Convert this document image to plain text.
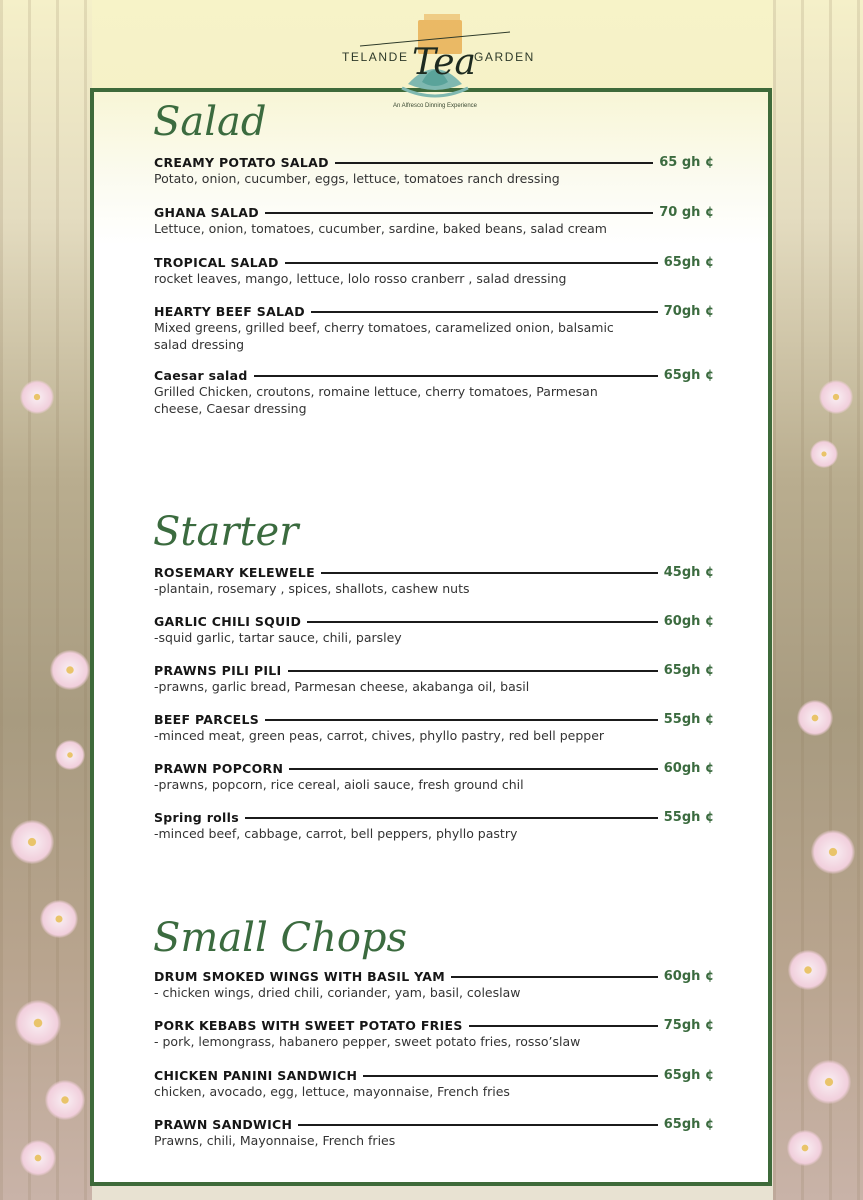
TELANDE Tea
GARDEN
An Alfresco Dinning Experience
Salad
CREAMY POTATO SALAD	65 gh ¢
Potato, onion, cucumber, eggs, lettuce, tomatoes ranch dressing
GHANA SALAD	70 gh ¢
Lettuce, onion, tomatoes, cucumber, sardine, baked beans, salad cream
TROPICAL SALAD	65gh ¢
rocket leaves, mango, lettuce, lolo rosso cranberr , salad dressing
HEARTY BEEF SALAD	70gh ¢
Mixed greens, grilled beef, cherry tomatoes, caramelized onion, balsamic salad dressing
Caesar salad	65gh ¢
Grilled Chicken, croutons, romaine lettuce, cherry tomatoes, Parmesan cheese, Caesar dressing
Starter
ROSEMARY KELEWELE	45gh ¢
-plantain, rosemary , spices, shallots, cashew nuts
GARLIC CHILI SQUID	60gh ¢
-squid garlic, tartar sauce, chili, parsley
PRAWNS PILI PILI	65gh ¢
-prawns, garlic bread, Parmesan cheese, akabanga oil, basil
BEEF PARCELS	55gh ¢
-minced meat, green peas, carrot, chives, phyllo pastry, red bell pepper
PRAWN POPCORN	60gh ¢
-prawns, popcorn, rice cereal, aioli sauce, fresh ground chil
Spring rolls	55gh ¢
-minced beef, cabbage, carrot, bell peppers, phyllo pastry
Small Chops
DRUM SMOKED WINGS WITH BASIL YAM	60gh ¢
- chicken wings, dried chili, coriander, yam, basil, coleslaw
PORK KEBABS WITH SWEET POTATO FRIES	75gh ¢
- pork, lemongrass, habanero pepper, sweet potato fries, rosso’slaw
CHICKEN PANINI SANDWICH	65gh ¢
chicken, avocado, egg, lettuce, mayonnaise, French fries
PRAWN SANDWICH	65gh ¢
Prawns, chili, Mayonnaise, French fries
